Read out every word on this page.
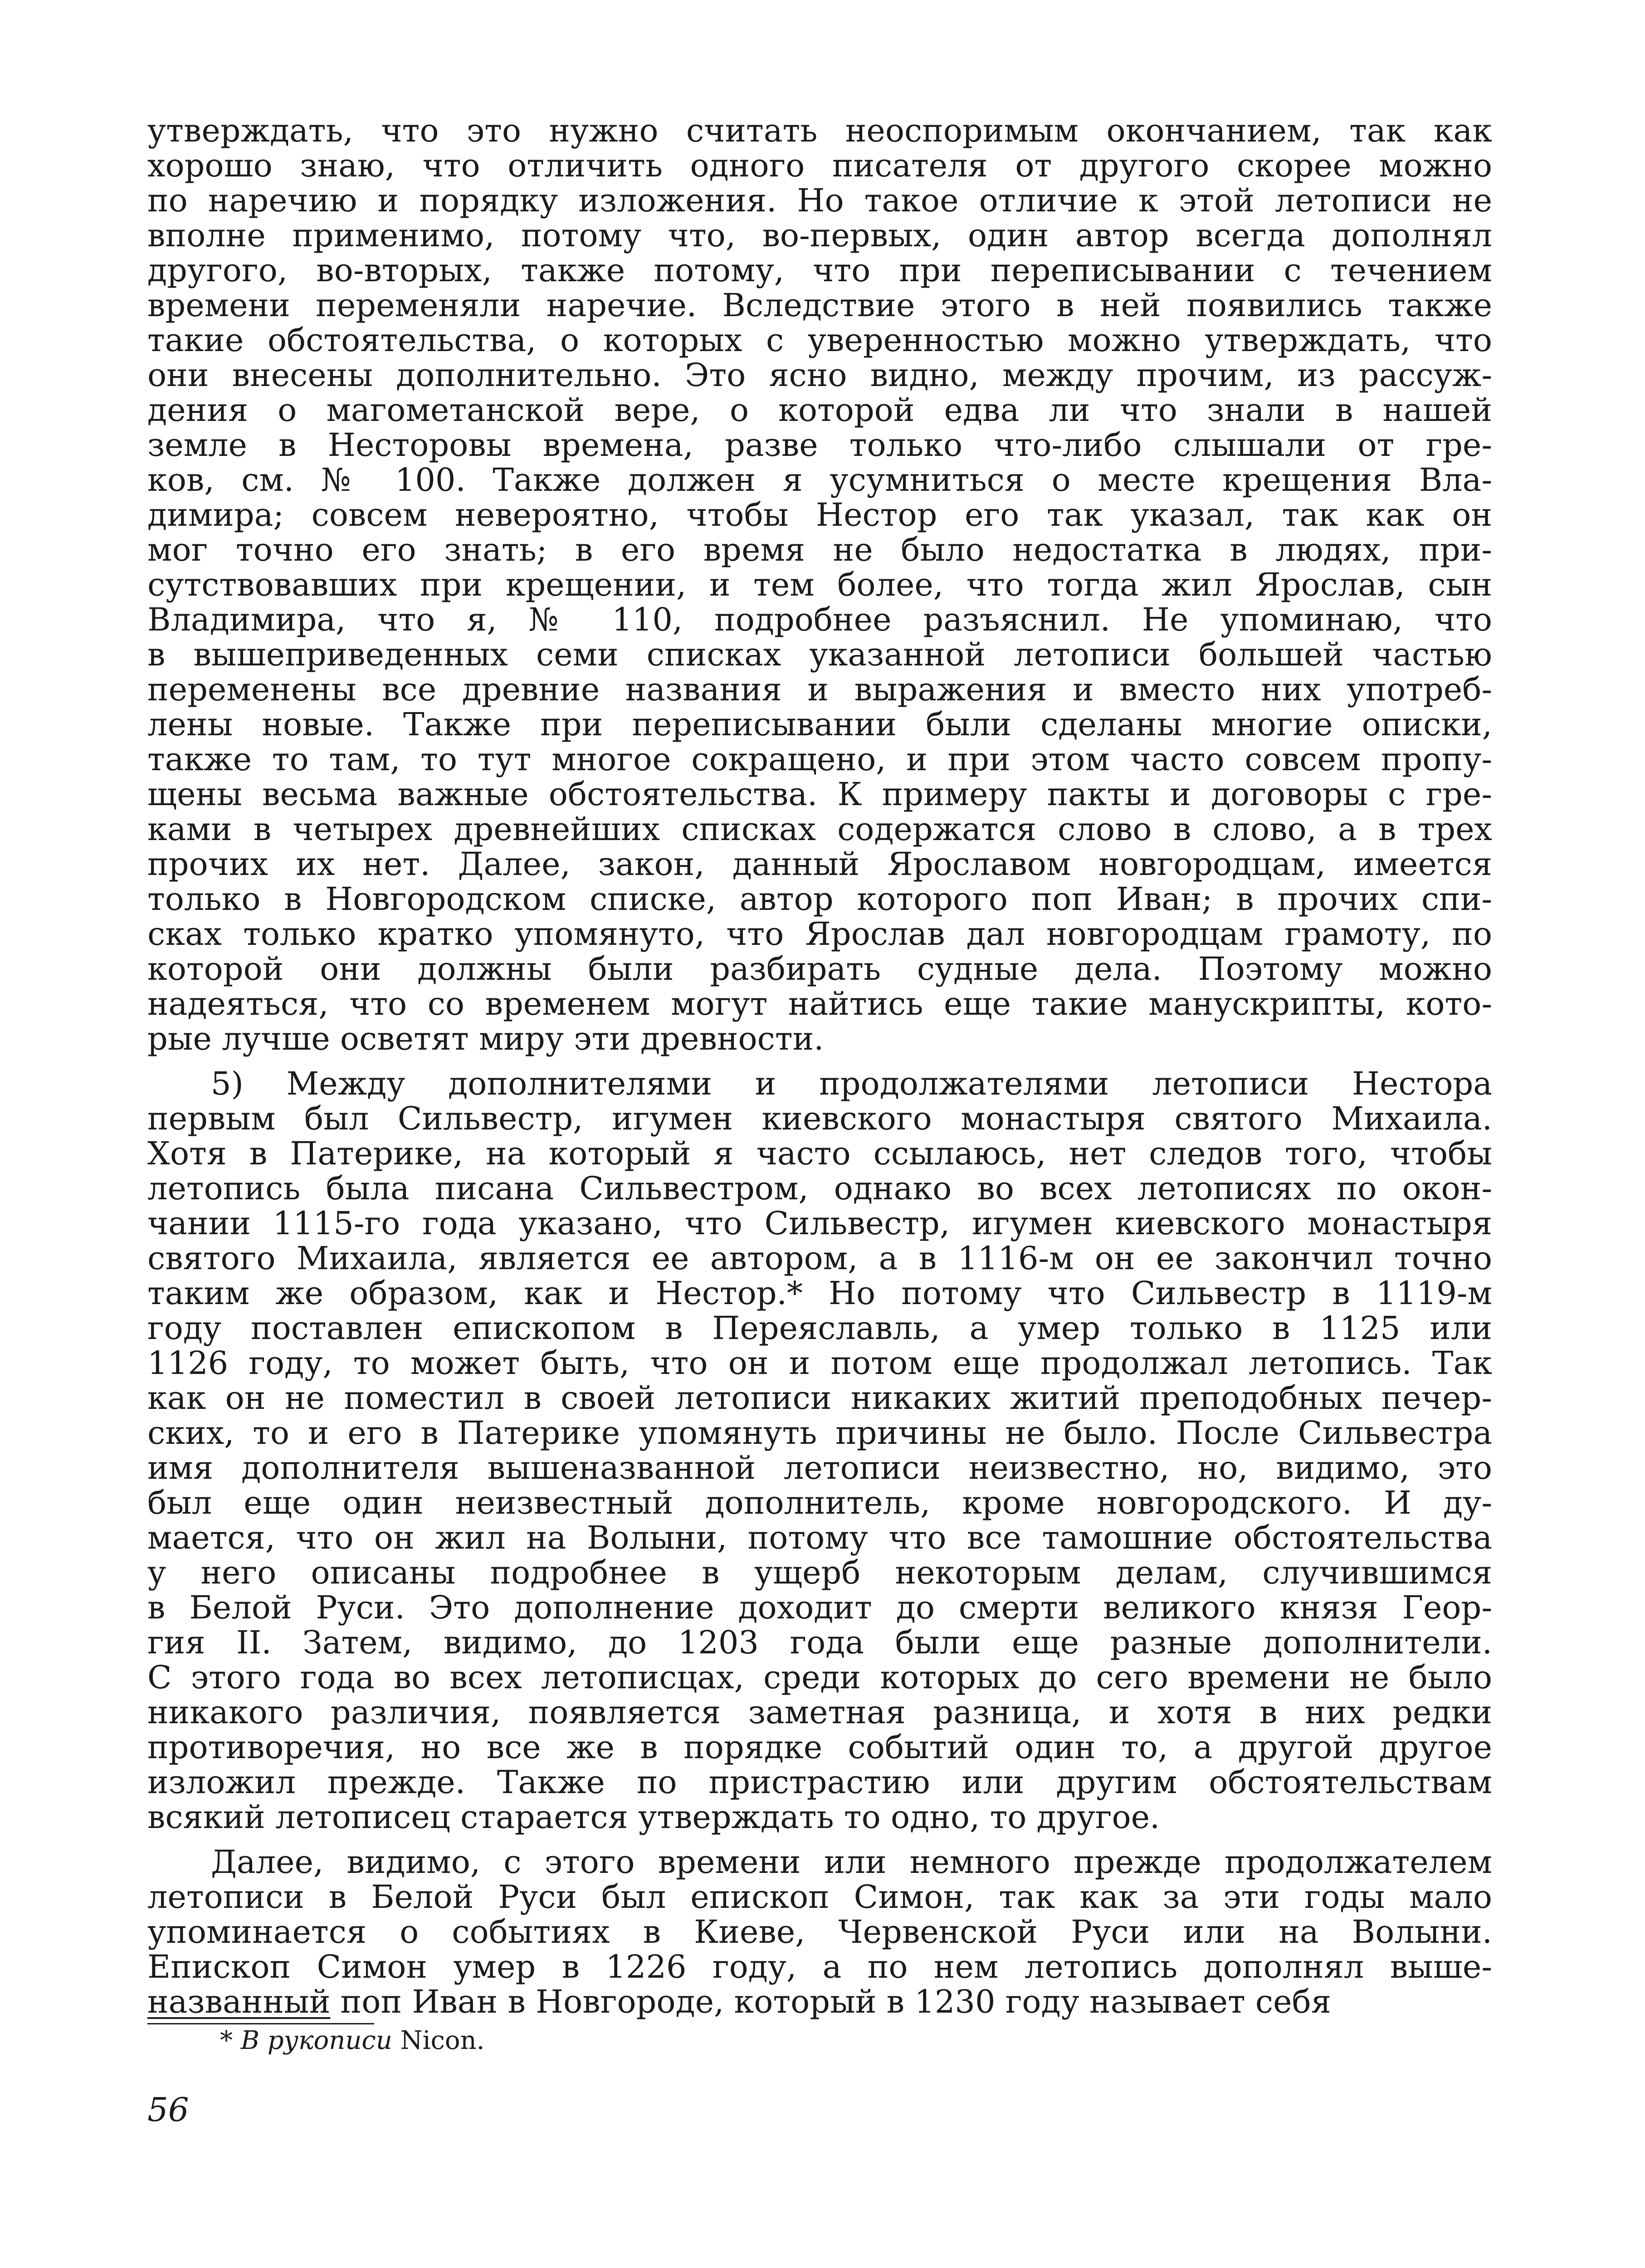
утверждать, что это нужно считать неоспоримым окончанием, так как
хорошо знаю, что отличить одного писателя от другого скорее можно
по наречию и порядку изложения. Но такое отличие к этой летописи не
вполне применимо, потому что, во-первых, один автор всегда дополнял
другого, во-вторых, также потому, что при переписывании с течением
времени переменяли наречие. Вследствие этого в ней появились также
такие обстоятельства, о которых с уверенностью можно утверждать, что
они внесены дополнительно. Это ясно видно, между прочим, из рассуж-
дения о магометанской вере, о которой едва ли что знали в нашей
земле в Несторовы времена, разве только что-либо слышали от гре-
ков, см. № 100. Также должен я усумниться о месте крещения Вла-
димира; совсем невероятно, чтобы Нестор его так указал, так как он
мог точно его знать; в его время не было недостатка в людях, при-
сутствовавших при крещении, и тем более, что тогда жил Ярослав, сын
Владимира, что я, № 110, подробнее разъяснил. Не упоминаю, что
в вышеприведенных семи списках указанной летописи большей частью
переменены все древние названия и выражения и вместо них употреб-
лены новые. Также при переписывании были сделаны многие описки,
также то там, то тут многое сокращено, и при этом часто совсем пропу-
щены весьма важные обстоятельства. К примеру пакты и договоры с гре-
ками в четырех древнейших списках содержатся слово в слово, а в трех
прочих их нет. Далее, закон, данный Ярославом новгородцам, имеется
только в Новгородском списке, автор которого поп Иван; в прочих спи-
сках только кратко упомянуто, что Ярослав дал новгородцам грамоту, по
которой они должны были разбирать судные дела. Поэтому можно
надеяться, что со временем могут найтись еще такие манускрипты, кото-
рые лучше осветят миру эти древности.
5) Между дополнителями и продолжателями летописи Нестора
первым был Сильвестр, игумен киевского монастыря святого Михаила.
Хотя в Патерике, на который я часто ссылаюсь, нет следов того, чтобы
летопись была писана Сильвестром, однако во всех летописях по окон-
чании 1115-го года указано, что Сильвестр, игумен киевского монастыря
святого Михаила, является ее автором, а в 1116-м он ее закончил точно
таким же образом, как и Нестор.* Но потому что Сильвестр в 1119-м
году поставлен епископом в Переяславль, а умер только в 1125 или
1126 году, то может быть, что он и потом еще продолжал летопись. Так
как он не поместил в своей летописи никаких житий преподобных печер-
ских, то и его в Патерике упомянуть причины не было. После Сильвестра
имя дополнителя вышеназванной летописи неизвестно, но, видимо, это
был еще один неизвестный дополнитель, кроме новгородского. И ду-
мается, что он жил на Волыни, потому что все тамошние обстоятельства
у него описаны подробнее в ущерб некоторым делам, случившимся
в Белой Руси. Это дополнение доходит до смерти великого князя Геор-
гия II. Затем, видимо, до 1203 года были еще разные дополнители.
С этого года во всех летописцах, среди которых до сего времени не было
никакого различия, появляется заметная разница, и хотя в них редки
противоречия, но все же в порядке событий один то, а другой другое
изложил прежде. Также по пристрастию или другим обстоятельствам
всякий летописец старается утверждать то одно, то другое.
Далее, видимо, с этого времени или немного прежде продолжателем
летописи в Белой Руси был епископ Симон, так как за эти годы мало
упоминается о событиях в Киеве, Червенской Руси или на Волыни.
Епископ Симон умер в 1226 году, а по нем летопись дополнял выше-
названный поп Иван в Новгороде, который в 1230 году называет себя
* В рукописи Nicon.
56
